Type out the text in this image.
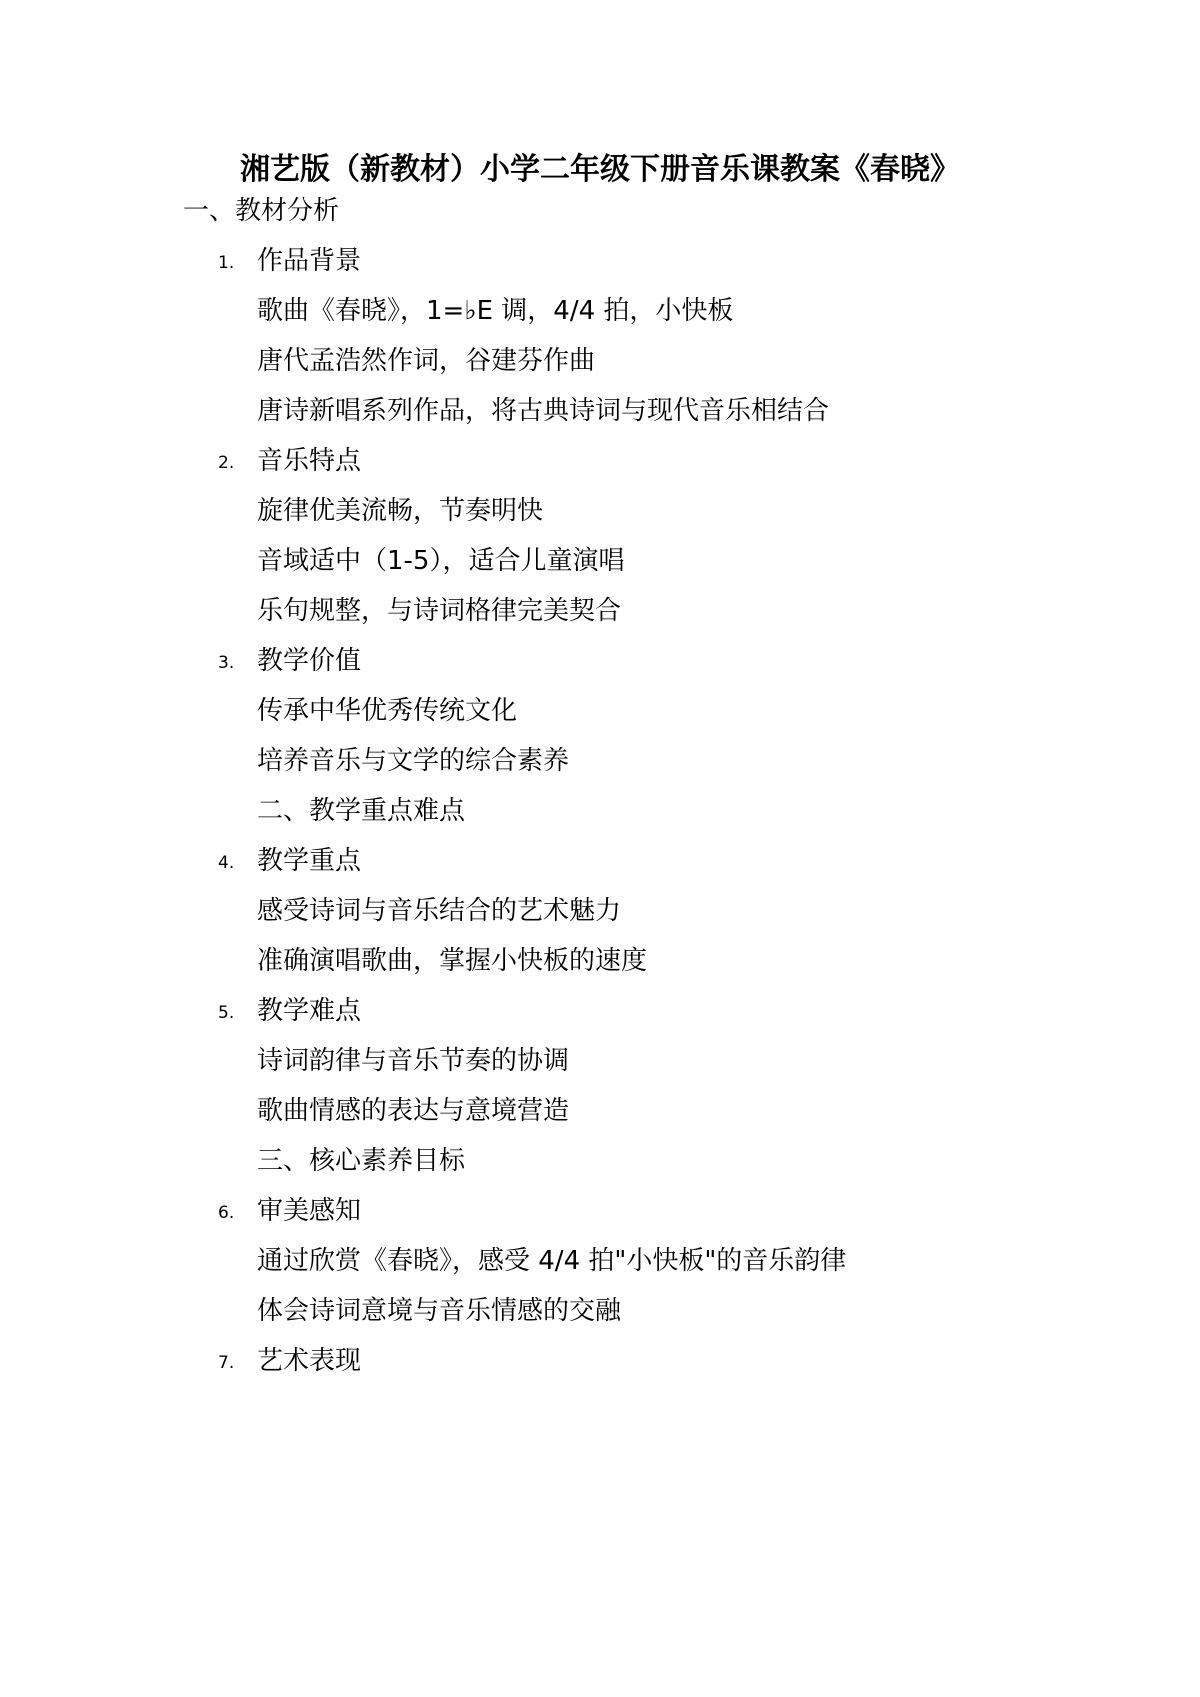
湘艺版（新教材）小学二年级下册音乐课教案《春晓》
一、教材分析
1. 作品背景
歌曲《春晓》，1=♭E 调，4/4 拍，小快板
唐代孟浩然作词，谷建芬作曲
唐诗新唱系列作品，将古典诗词与现代音乐相结合
2. 音乐特点
旋律优美流畅，节奏明快
音域适中（1-5），适合儿童演唱
乐句规整，与诗词格律完美契合
3. 教学价值
传承中华优秀传统文化
培养音乐与文学的综合素养
二、教学重点难点
4. 教学重点
感受诗词与音乐结合的艺术魅力
准确演唱歌曲，掌握小快板的速度
5. 教学难点
诗词韵律与音乐节奏的协调
歌曲情感的表达与意境营造
三、核心素养目标
6. 审美感知
通过欣赏《春晓》，感受 4/4 拍"小快板"的音乐韵律
体会诗词意境与音乐情感的交融
7. 艺术表现
